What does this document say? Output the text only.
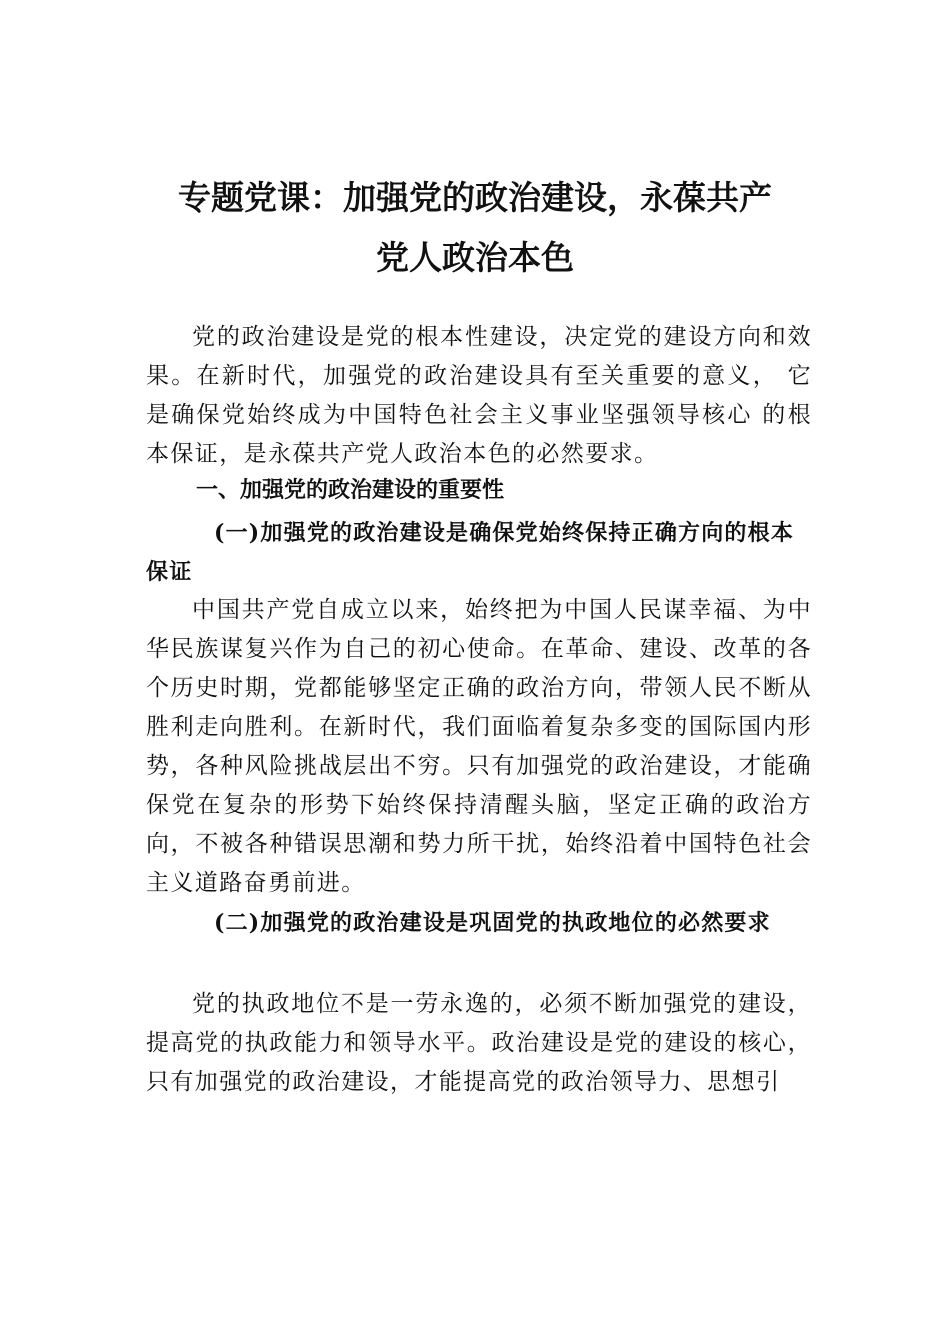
专题党课：加强党的政治建设，永葆共产
党人政治本色

党的政治建设是党的根本性建设，决定党的建设方向和效果。在新时代，加强党的政治建设具有至关重要的意义， 它是确保党始终成为中国特色社会主义事业坚强领导核心 的根本保证，是永葆共产党人政治本色的必然要求。

一、加强党的政治建设的重要性
(一)加强党的政治建设是确保党始终保持正确方向的根本保证

中国共产党自成立以来，始终把为中国人民谋幸福、为中华民族谋复兴作为自己的初心使命。在革命、建设、改革的各个历史时期，党都能够坚定正确的政治方向，带领人民不断从胜利走向胜利。在新时代，我们面临着复杂多变的国际国内形势，各种风险挑战层出不穷。只有加强党的政治建设，才能确保党在复杂的形势下始终保持清醒头脑，坚定正确的政治方向，不被各种错误思潮和势力所干扰，始终沿着中国特色社会主义道路奋勇前进。

(二)加强党的政治建设是巩固党的执政地位的必然要求

党的执政地位不是一劳永逸的，必须不断加强党的建设， 提高党的执政能力和领导水平。政治建设是党的建设的核心， 只有加强党的政治建设，才能提高党的政治领导力、思想引
